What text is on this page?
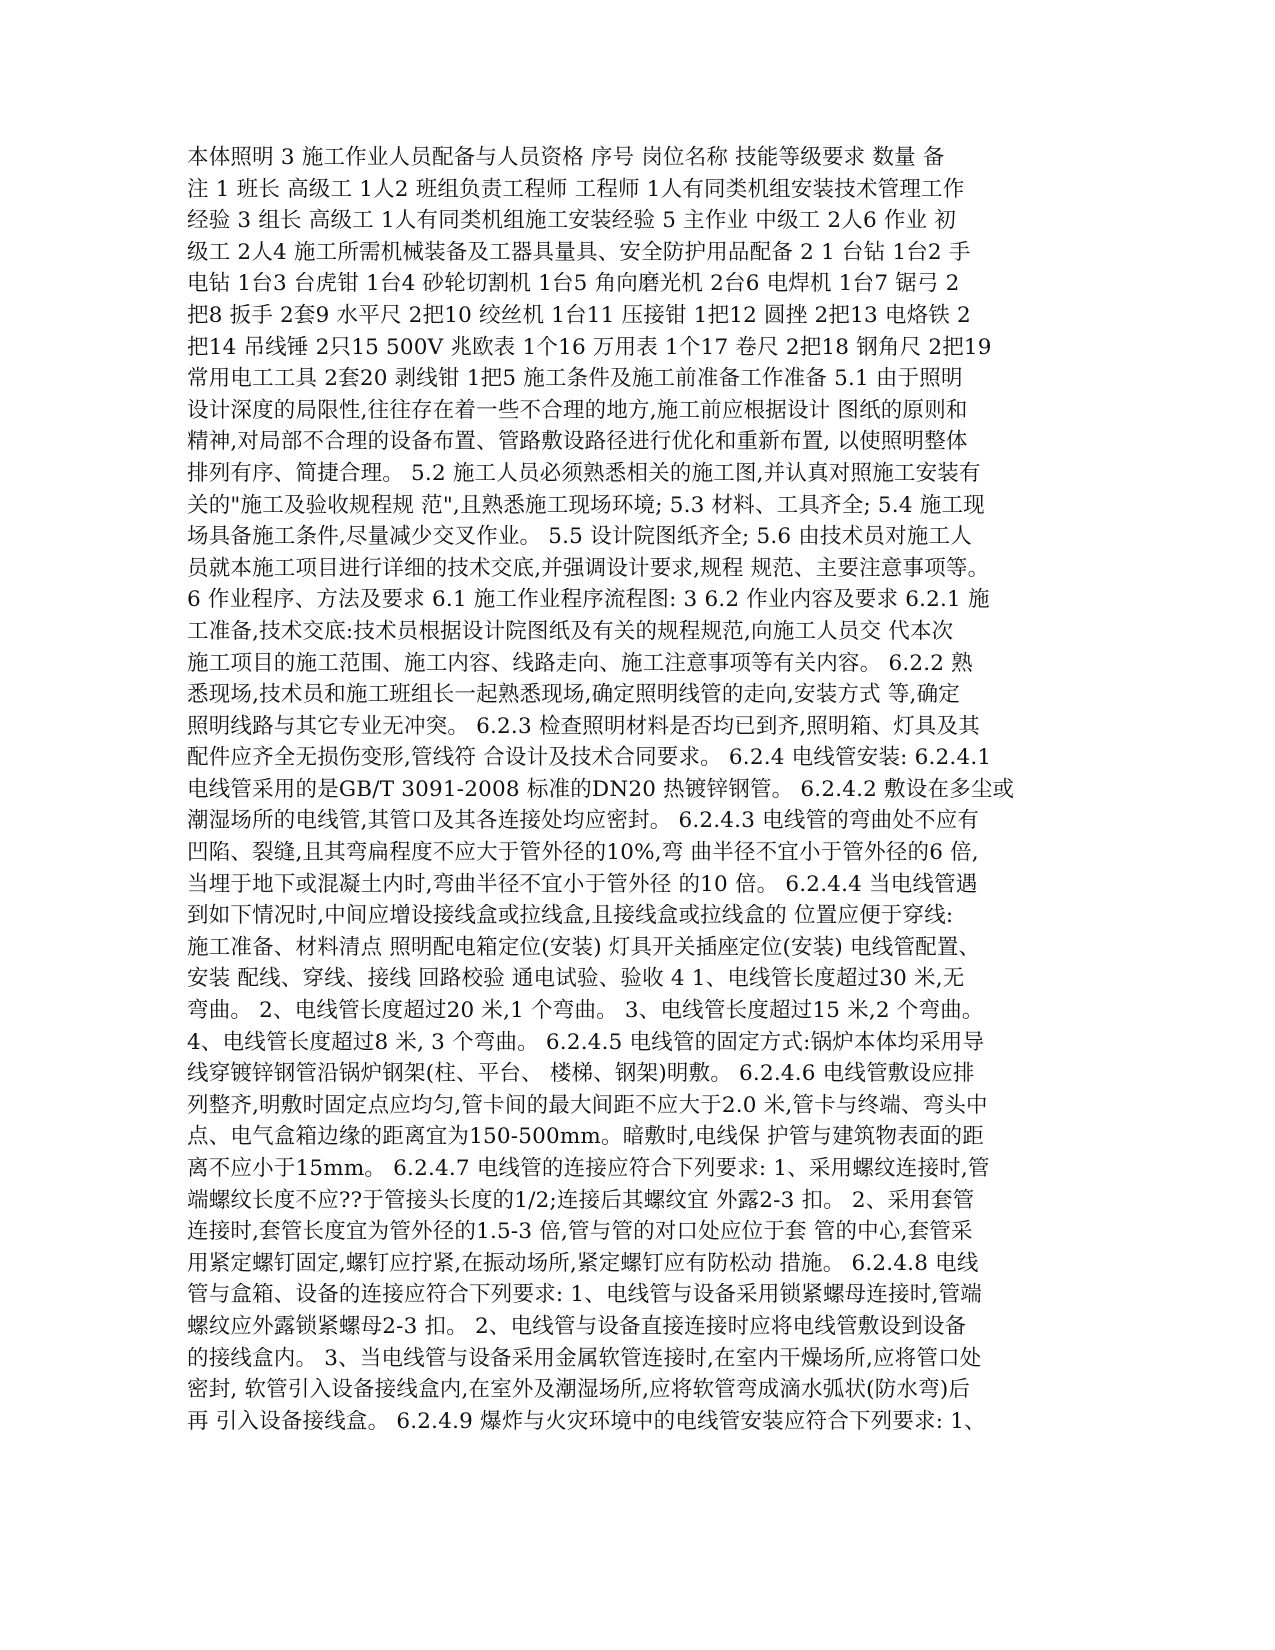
本体照明 3 施工作业人员配备与人员资格 序号 岗位名称 技能等级要求 数量 备
注 1 班长 高级工 1人2 班组负责工程师 工程师 1人有同类机组安装技术管理工作
经验 3 组长 高级工 1人有同类机组施工安装经验 5 主作业 中级工 2人6 作业 初
级工 2人4 施工所需机械装备及工器具量具、安全防护用品配备 2 1 台钻 1台2 手
电钻 1台3 台虎钳 1台4 砂轮切割机 1台5 角向磨光机 2台6 电焊机 1台7 锯弓 2
把8 扳手 2套9 水平尺 2把10 绞丝机 1台11 压接钳 1把12 圆挫 2把13 电烙铁 2
把14 吊线锤 2只15 500V 兆欧表 1个16 万用表 1个17 卷尺 2把18 钢角尺 2把19
常用电工工具 2套20 剥线钳 1把5 施工条件及施工前准备工作准备 5.1 由于照明
设计深度的局限性,往往存在着一些不合理的地方,施工前应根据设计 图纸的原则和
精神,对局部不合理的设备布置、管路敷设路径进行优化和重新布置, 以使照明整体
排列有序、简捷合理。 5.2 施工人员必须熟悉相关的施工图,并认真对照施工安装有
关的"施工及验收规程规 范",且熟悉施工现场环境; 5.3 材料、工具齐全; 5.4 施工现
场具备施工条件,尽量减少交叉作业。 5.5 设计院图纸齐全; 5.6 由技术员对施工人
员就本施工项目进行详细的技术交底,并强调设计要求,规程 规范、主要注意事项等。
6 作业程序、方法及要求 6.1 施工作业程序流程图: 3 6.2 作业内容及要求 6.2.1 施
工准备,技术交底:技术员根据设计院图纸及有关的规程规范,向施工人员交 代本次
施工项目的施工范围、施工内容、线路走向、施工注意事项等有关内容。 6.2.2 熟
悉现场,技术员和施工班组长一起熟悉现场,确定照明线管的走向,安装方式 等,确定
照明线路与其它专业无冲突。 6.2.3 检查照明材料是否均已到齐,照明箱、灯具及其
配件应齐全无损伤变形,管线符 合设计及技术合同要求。 6.2.4 电线管安装: 6.2.4.1
电线管采用的是GB/T 3091-2008 标准的DN20 热镀锌钢管。 6.2.4.2 敷设在多尘或
潮湿场所的电线管,其管口及其各连接处均应密封。 6.2.4.3 电线管的弯曲处不应有
凹陷、裂缝,且其弯扁程度不应大于管外径的10%,弯 曲半径不宜小于管外径的6 倍,
当埋于地下或混凝土内时,弯曲半径不宜小于管外径 的10 倍。 6.2.4.4 当电线管遇
到如下情况时,中间应增设接线盒或拉线盒,且接线盒或拉线盒的 位置应便于穿线:
施工准备、材料清点 照明配电箱定位(安装) 灯具开关插座定位(安装) 电线管配置、
安装 配线、穿线、接线 回路校验 通电试验、验收 4 1、电线管长度超过30 米,无
弯曲。 2、电线管长度超过20 米,1 个弯曲。 3、电线管长度超过15 米,2 个弯曲。
4、电线管长度超过8 米, 3 个弯曲。 6.2.4.5 电线管的固定方式:锅炉本体均采用导
线穿镀锌钢管沿锅炉钢架(柱、平台、 楼梯、钢架)明敷。 6.2.4.6 电线管敷设应排
列整齐,明敷时固定点应均匀,管卡间的最大间距不应大于2.0 米,管卡与终端、弯头中
点、电气盒箱边缘的距离宜为150-500mm。暗敷时,电线保 护管与建筑物表面的距
离不应小于15mm。 6.2.4.7 电线管的连接应符合下列要求: 1、采用螺纹连接时,管
端螺纹长度不应??于管接头长度的1/2;连接后其螺纹宜 外露2-3 扣。 2、采用套管
连接时,套管长度宜为管外径的1.5-3 倍,管与管的对口处应位于套 管的中心,套管采
用紧定螺钉固定,螺钉应拧紧,在振动场所,紧定螺钉应有防松动 措施。 6.2.4.8 电线
管与盒箱、设备的连接应符合下列要求: 1、电线管与设备采用锁紧螺母连接时,管端
螺纹应外露锁紧螺母2-3 扣。 2、电线管与设备直接连接时应将电线管敷设到设备
的接线盒内。 3、当电线管与设备采用金属软管连接时,在室内干燥场所,应将管口处
密封, 软管引入设备接线盒内,在室外及潮湿场所,应将软管弯成滴水弧状(防水弯)后
再 引入设备接线盒。 6.2.4.9 爆炸与火灾环境中的电线管安装应符合下列要求: 1、
